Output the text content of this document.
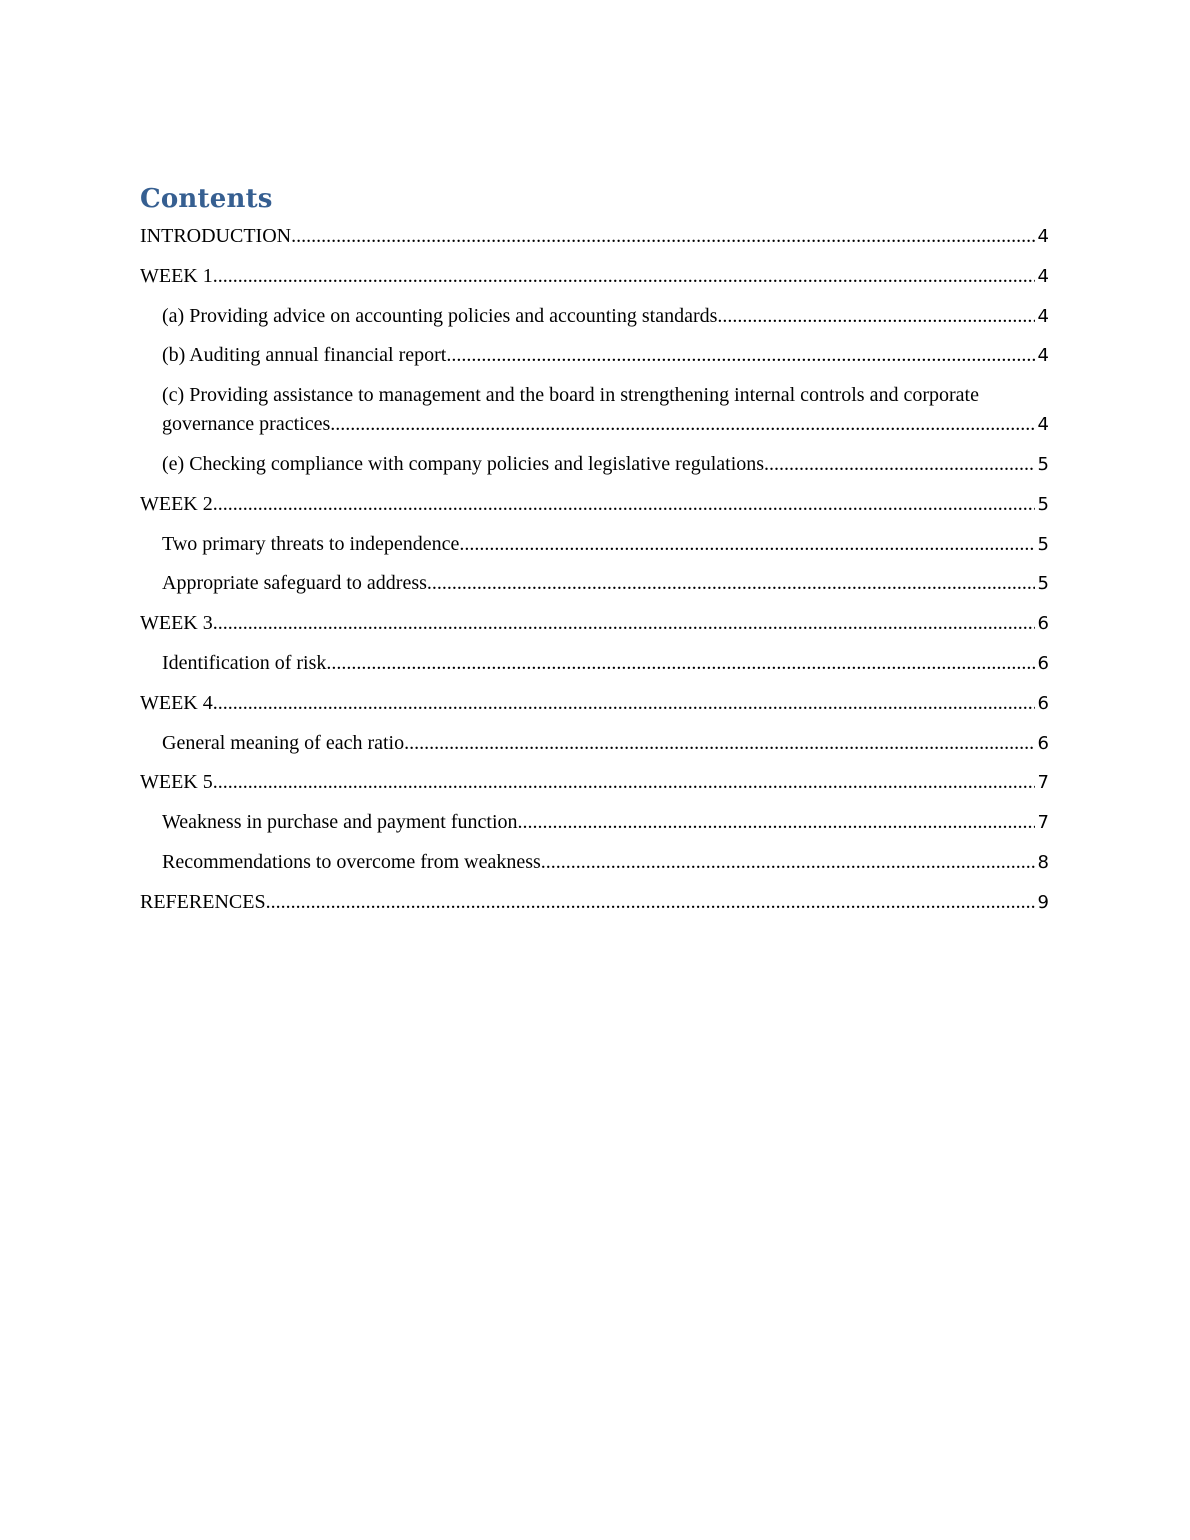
Contents
INTRODUCTION .....	4
WEEK 1 .....	4
(a) Providing advice on accounting policies and accounting standards .....	4
(b) Auditing annual financial report .....	4
(c) Providing assistance to management and the board in strengthening internal controls and corporate
governance practices .....	4
(e) Checking compliance with company policies and legislative regulations .....	5
WEEK 2 .....	5
Two primary threats to independence .....	5
Appropriate safeguard to address .....	5
WEEK 3 .....	6
Identification of risk .....	6
WEEK 4 .....	6
General meaning of each ratio .....	6
WEEK 5 .....	7
Weakness in purchase and payment function .....	7
Recommendations to overcome from weakness .....	8
REFERENCES .....	9
